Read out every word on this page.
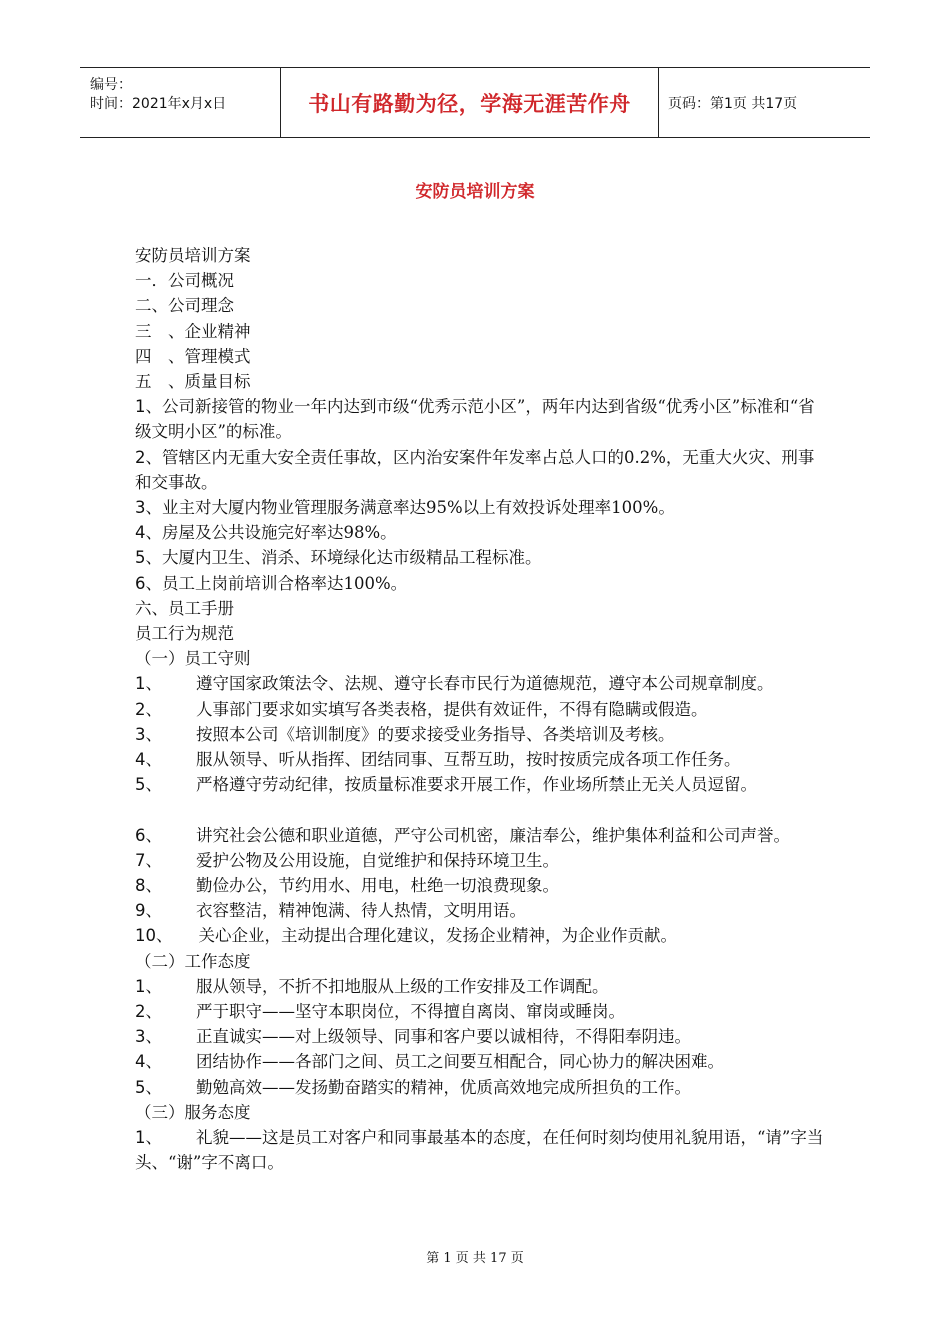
编号：
时间：2021年x月x日	书山有路勤为径，学海无涯苦作舟	页码：第1页 共17页
安防员培训方案

安防员培训方案

一．公司概况

二、公司理念

三　、企业精神

四　、管理模式

五　、质量目标

1、公司新接管的物业一年内达到市级“优秀示范小区”，两年内达到省级“优秀小区”标准和“省级文明小区”的标准。

2、管辖区内无重大安全责任事故，区内治安案件年发率占总人口的0.2%，无重大火灾、刑事和交事故。

3、业主对大厦内物业管理服务满意率达95%以上有效投诉处理率100%。

4、房屋及公共设施完好率达98%。

5、大厦内卫生、消杀、环境绿化达市级精品工程标准。

6、员工上岗前培训合格率达100%。

六、员工手册

员工行为规范

（一）员工守则

1、 遵守国家政策法令、法规、遵守长春市民行为道德规范，遵守本公司规章制度。

2、 人事部门要求如实填写各类表格，提供有效证件，不得有隐瞒或假造。

3、 按照本公司《培训制度》的要求接受业务指导、各类培训及考核。

4、 服从领导、听从指挥、团结同事、互帮互助，按时按质完成各项工作任务。

5、 严格遵守劳动纪律，按质量标准要求开展工作，作业场所禁止无关人员逗留。

6、 讲究社会公德和职业道德，严守公司机密，廉洁奉公，维护集体利益和公司声誉。

7、 爱护公物及公用设施，自觉维护和保持环境卫生。

8、 勤俭办公，节约用水、用电，杜绝一切浪费现象。

9、 衣容整洁，精神饱满、待人热情，文明用语。

10、 关心企业，主动提出合理化建议，发扬企业精神，为企业作贡献。

（二）工作态度

1、 服从领导，不折不扣地服从上级的工作安排及工作调配。

2、 严于职守——坚守本职岗位，不得擅自离岗、窜岗或睡岗。

3、 正直诚实——对上级领导、同事和客户要以诚相待，不得阳奉阴违。

4、 团结协作——各部门之间、员工之间要互相配合，同心协力的解决困难。

5、 勤勉高效——发扬勤奋踏实的精神，优质高效地完成所担负的工作。

（三）服务态度

1、 礼貌——这是员工对客户和同事最基本的态度，在任何时刻均使用礼貌用语，“请”字当头、“谢”字不离口。

第 1 页 共 17 页
